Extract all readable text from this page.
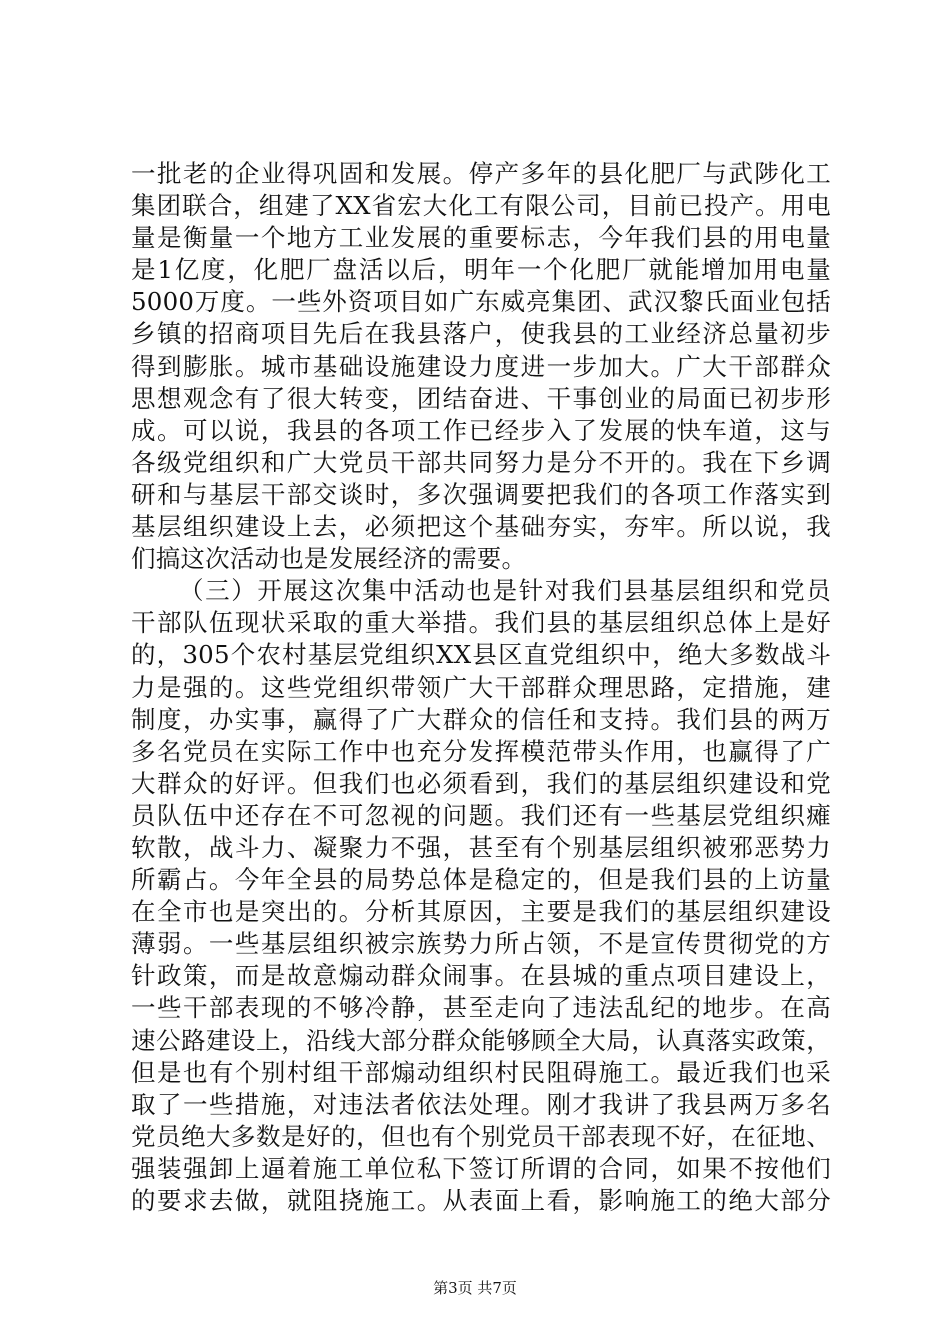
一批老的企业得巩固和发展。停产多年的县化肥厂与武陟化工
集团联合，组建了XX省宏大化工有限公司，目前已投产。用电
量是衡量一个地方工业发展的重要标志，今年我们县的用电量
是1亿度，化肥厂盘活以后，明年一个化肥厂就能增加用电量
5000万度。一些外资项目如广东威亮集团、武汉黎氏面业包括
乡镇的招商项目先后在我县落户，使我县的工业经济总量初步
得到膨胀。城市基础设施建设力度进一步加大。广大干部群众
思想观念有了很大转变，团结奋进、干事创业的局面已初步形
成。可以说，我县的各项工作已经步入了发展的快车道，这与
各级党组织和广大党员干部共同努力是分不开的。我在下乡调
研和与基层干部交谈时，多次强调要把我们的各项工作落实到
基层组织建设上去，必须把这个基础夯实，夯牢。所以说，我
们搞这次活动也是发展经济的需要。
（三）开展这次集中活动也是针对我们县基层组织和党员
干部队伍现状采取的重大举措。我们县的基层组织总体上是好
的，305个农村基层党组织XX县区直党组织中，绝大多数战斗
力是强的。这些党组织带领广大干部群众理思路，定措施，建
制度，办实事，赢得了广大群众的信任和支持。我们县的两万
多名党员在实际工作中也充分发挥模范带头作用，也赢得了广
大群众的好评。但我们也必须看到，我们的基层组织建设和党
员队伍中还存在不可忽视的问题。我们还有一些基层党组织瘫
软散，战斗力、凝聚力不强，甚至有个别基层组织被邪恶势力
所霸占。今年全县的局势总体是稳定的，但是我们县的上访量
在全市也是突出的。分析其原因，主要是我们的基层组织建设
薄弱。一些基层组织被宗族势力所占领，不是宣传贯彻党的方
针政策，而是故意煽动群众闹事。在县城的重点项目建设上，
一些干部表现的不够冷静，甚至走向了违法乱纪的地步。在高
速公路建设上，沿线大部分群众能够顾全大局，认真落实政策，
但是也有个别村组干部煽动组织村民阻碍施工。最近我们也采
取了一些措施，对违法者依法处理。刚才我讲了我县两万多名
党员绝大多数是好的，但也有个别党员干部表现不好，在征地、
强装强卸上逼着施工单位私下签订所谓的合同，如果不按他们
的要求去做，就阻挠施工。从表面上看，影响施工的绝大部分
第3页 共7页
